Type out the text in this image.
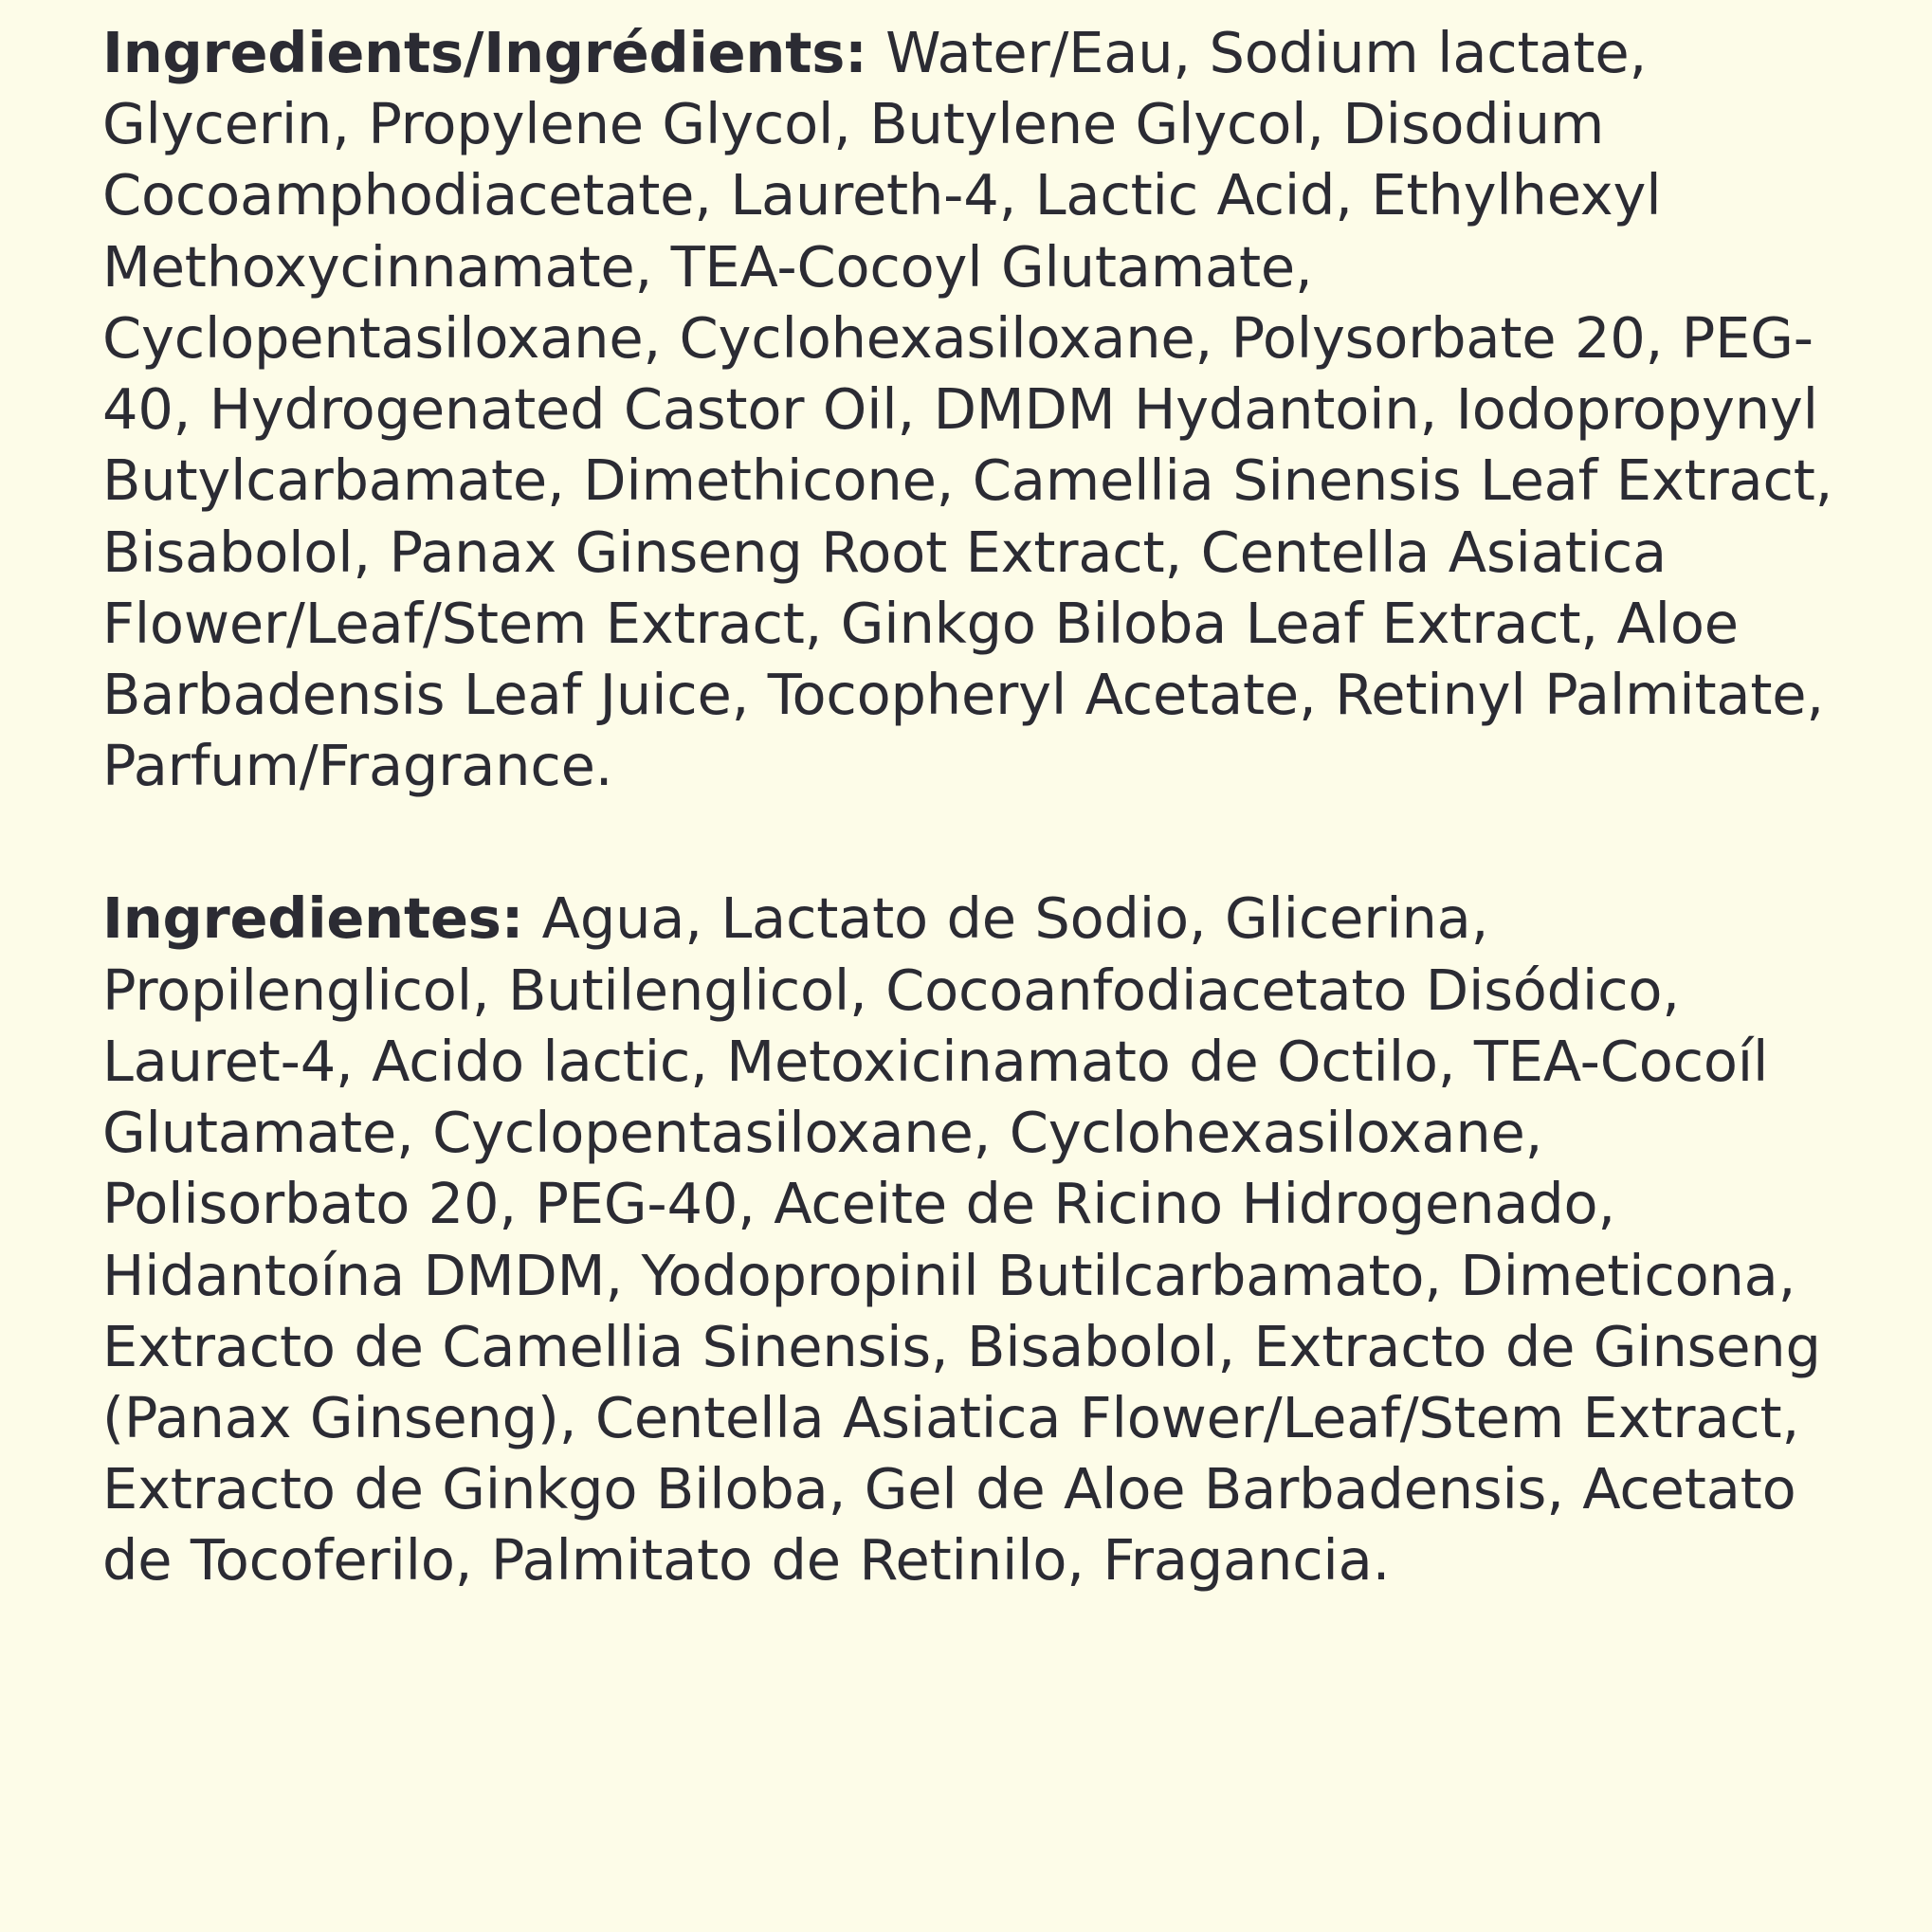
Ingredients/Ingrédients: Water/Eau, Sodium lactate, Glycerin, Propylene Glycol, Butylene Glycol, Disodium Cocoamphodiacetate, Laureth-4, Lactic Acid, Ethylhexyl Methoxycinnamate, TEA-Cocoyl Glutamate, Cyclopentasiloxane, Cyclohexasiloxane, Polysorbate 20, PEG-40, Hydrogenated Castor Oil, DMDM Hydantoin, Iodopropynyl Butylcarbamate, Dimethicone, Camellia Sinensis Leaf Extract, Bisabolol, Panax Ginseng Root Extract, Centella Asiatica Flower/Leaf/Stem Extract, Ginkgo Biloba Leaf Extract, Aloe Barbadensis Leaf Juice, Tocopheryl Acetate, Retinyl Palmitate, Parfum/Fragrance.

Ingredientes: Agua, Lactato de Sodio, Glicerina, Propilenglicol, Butilenglicol, Cocoanfodiacetato Disódico, Lauret-4, Acido lactic, Metoxicinamato de Octilo, TEA-Cocoíl Glutamate, Cyclopentasiloxane, Cyclohexasiloxane, Polisorbato 20, PEG-40, Aceite de Ricino Hidrogenado, Hidantoína DMDM, Yodopropinil Butilcarbamato, Dimeticona, Extracto de Camellia Sinensis, Bisabolol, Extracto de Ginseng (Panax Ginseng), Centella Asiatica Flower/Leaf/Stem Extract, Extracto de Ginkgo Biloba, Gel de Aloe Barbadensis, Acetato de Tocoferilo, Palmitato de Retinilo, Fragancia.
